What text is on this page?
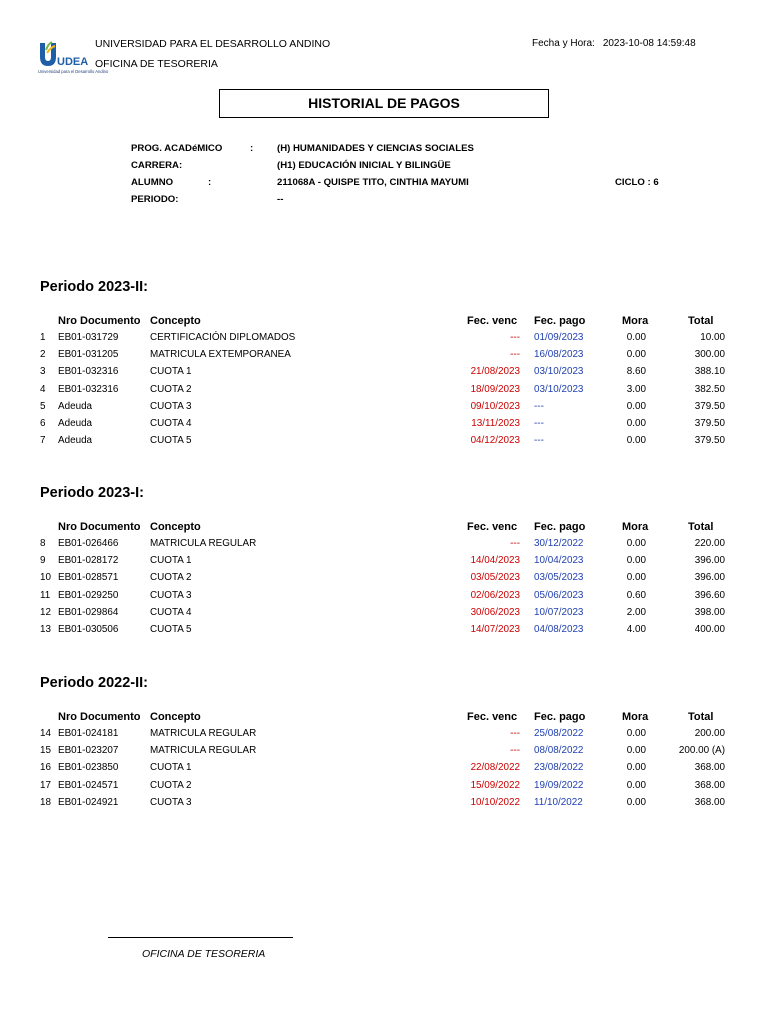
UDEA
Universidad para el Desarrollo Andino
UNIVERSIDAD PARA EL DESARROLLO ANDINO
OFICINA DE TESORERIA
Fecha y Hora: 2023-10-08 14:59:48
HISTORIAL DE PAGOS
PROG. ACADéMICO	: (H) HUMANIDADES Y CIENCIAS SOCIALES
CARRERA:	(H1) EDUCACIÓN INICIAL Y BILINGÜE
ALUMNO	:	211068A - QUISPE TITO, CINTHIA MAYUMI	CICLO : 6
PERIODO:	--
Periodo 2023-II:
Nro Documento Concepto	Fec. venc Fec. pago	Mora	Total
1 EB01-031729	CERTIFICACIÓN DIPLOMADOS	--- 01/09/2023	0.00	10.00
2 EB01-031205	MATRICULA EXTEMPORANEA	--- 16/08/2023	0.00	300.00
3 EB01-032316	CUOTA 1	21/08/2023 03/10/2023	8.60	388.10
4 EB01-032316	CUOTA 2	18/09/2023 03/10/2023	3.00	382.50
5 Adeuda	CUOTA 3	09/10/2023 ---	0.00	379.50
6 Adeuda	CUOTA 4	13/11/2023 ---	0.00	379.50
7 Adeuda	CUOTA 5	04/12/2023 ---	0.00	379.50
Periodo 2023-I:
Nro Documento Concepto	Fec. venc Fec. pago	Mora	Total
8 EB01-026466	MATRICULA REGULAR	--- 30/12/2022	0.00	220.00
9 EB01-028172	CUOTA 1	14/04/2023 10/04/2023	0.00	396.00
10 EB01-028571	CUOTA 2	03/05/2023 03/05/2023	0.00	396.00
11 EB01-029250	CUOTA 3	02/06/2023 05/06/2023	0.60	396.60
12 EB01-029864	CUOTA 4	30/06/2023 10/07/2023	2.00	398.00
13 EB01-030506	CUOTA 5	14/07/2023 04/08/2023	4.00	400.00
Periodo 2022-II:
Nro Documento Concepto	Fec. venc Fec. pago	Mora	Total
14 EB01-024181	MATRICULA REGULAR	--- 25/08/2022	0.00	200.00
15 EB01-023207	MATRICULA REGULAR	--- 08/08/2022	0.00	200.00 (A)
16 EB01-023850	CUOTA 1	22/08/2022 23/08/2022	0.00	368.00
17 EB01-024571	CUOTA 2	15/09/2022 19/09/2022	0.00	368.00
18 EB01-024921	CUOTA 3	10/10/2022 11/10/2022	0.00	368.00
OFICINA DE TESORERIA
